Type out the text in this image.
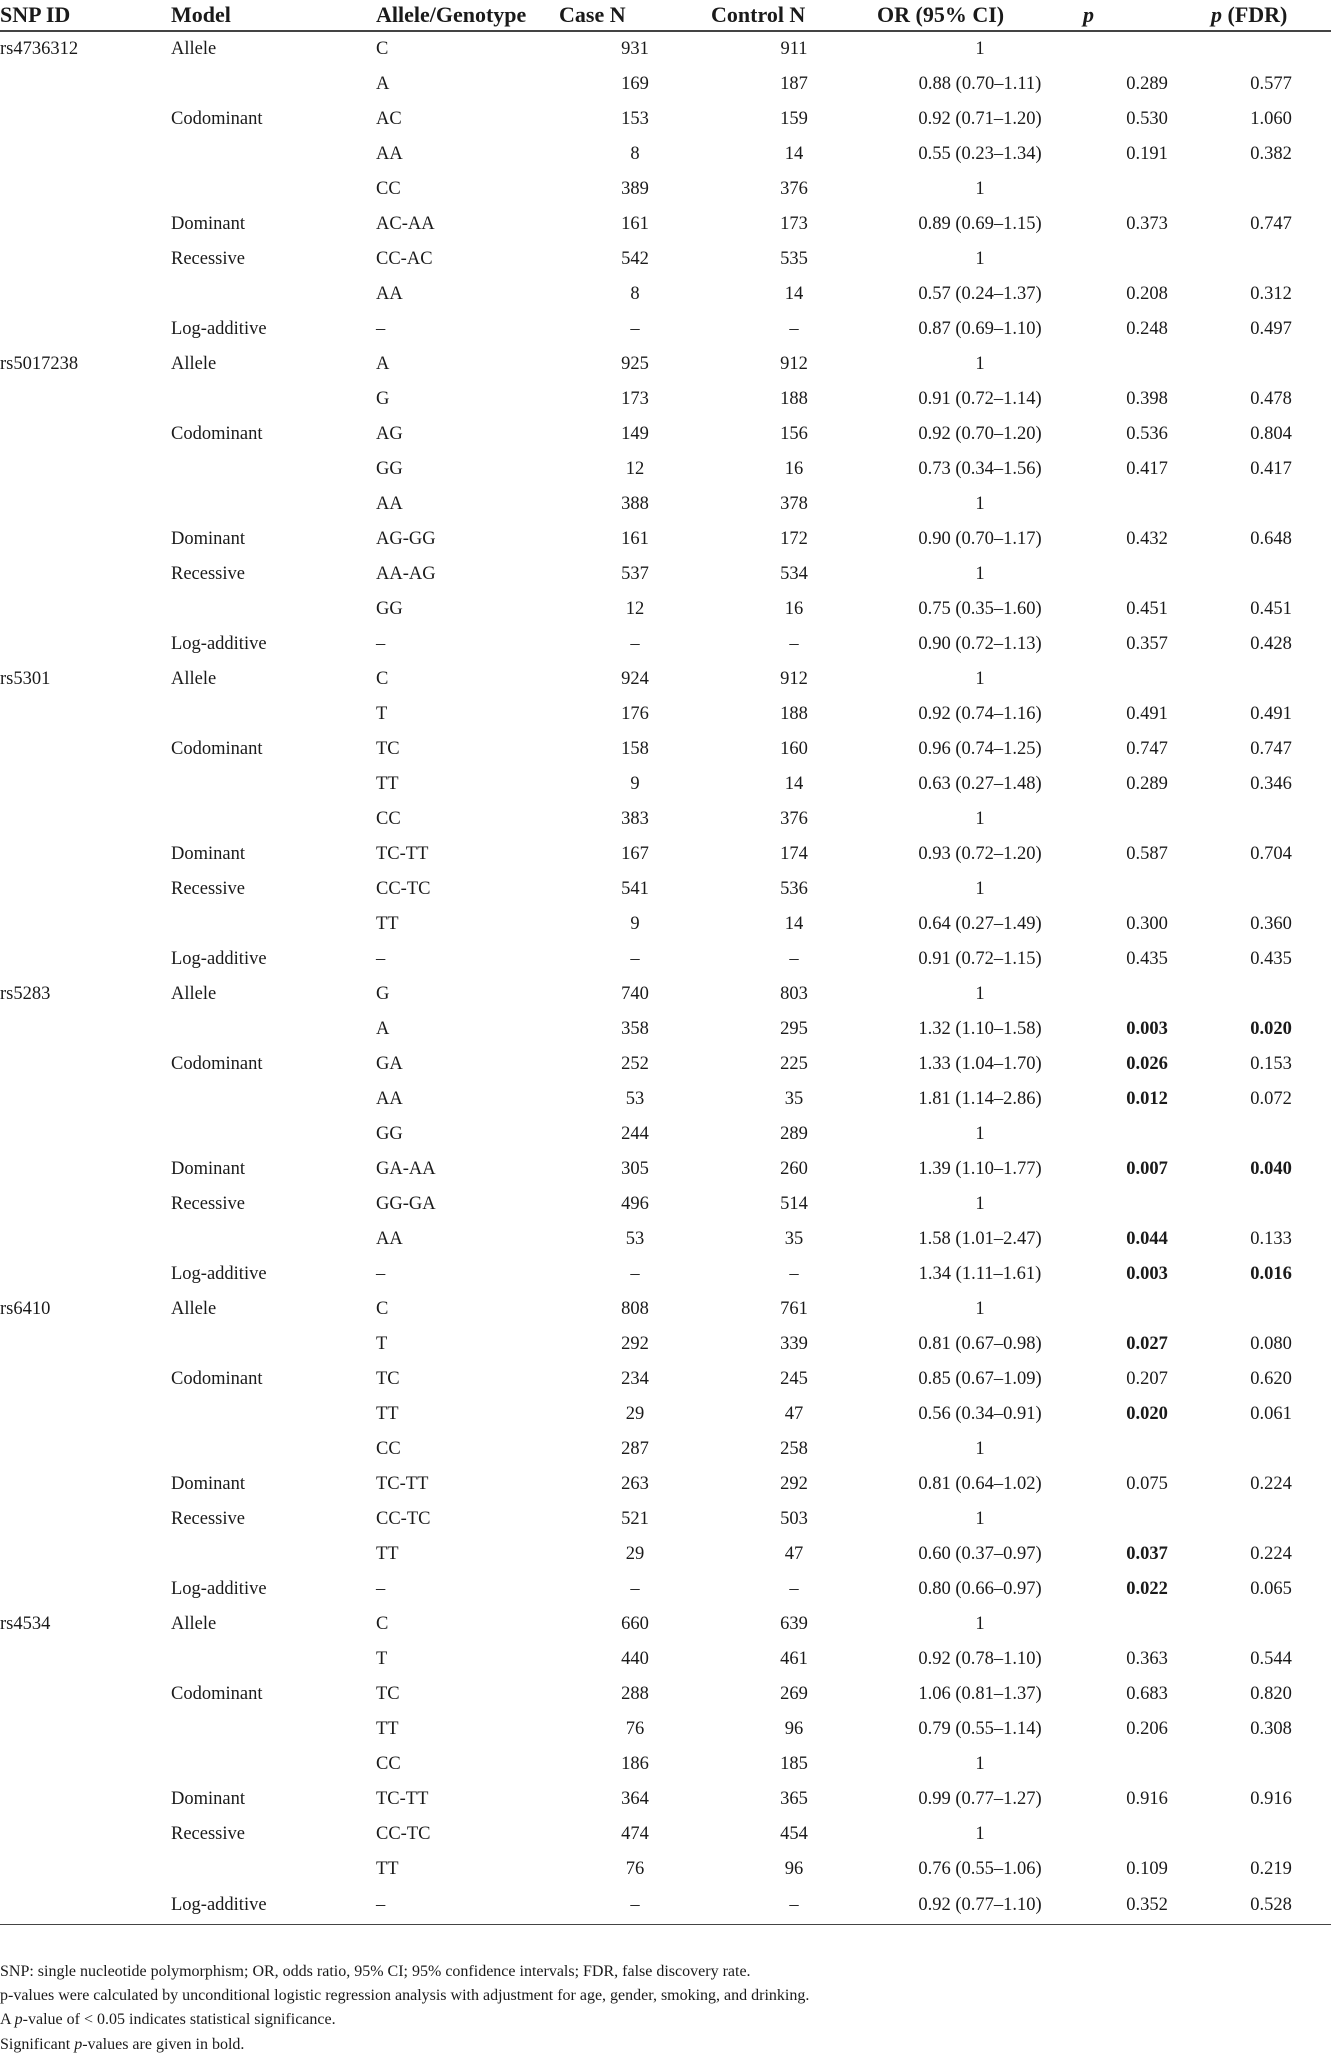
SNP ID	Model	Allele/Genotype	Case N	Control N	OR (95% CI)	p	p (FDR)
rs4736312	Allele	C	931	911	1		
		A	169	187	0.88 (0.70–1.11)	0.289	0.577
	Codominant	AC	153	159	0.92 (0.71–1.20)	0.530	1.060
		AA	8	14	0.55 (0.23–1.34)	0.191	0.382
		CC	389	376	1		
	Dominant	AC-AA	161	173	0.89 (0.69–1.15)	0.373	0.747
	Recessive	CC-AC	542	535	1		
		AA	8	14	0.57 (0.24–1.37)	0.208	0.312
	Log-additive	–	–	–	0.87 (0.69–1.10)	0.248	0.497
rs5017238	Allele	A	925	912	1		
		G	173	188	0.91 (0.72–1.14)	0.398	0.478
	Codominant	AG	149	156	0.92 (0.70–1.20)	0.536	0.804
		GG	12	16	0.73 (0.34–1.56)	0.417	0.417
		AA	388	378	1		
	Dominant	AG-GG	161	172	0.90 (0.70–1.17)	0.432	0.648
	Recessive	AA-AG	537	534	1		
		GG	12	16	0.75 (0.35–1.60)	0.451	0.451
	Log-additive	–	–	–	0.90 (0.72–1.13)	0.357	0.428
rs5301	Allele	C	924	912	1		
		T	176	188	0.92 (0.74–1.16)	0.491	0.491
	Codominant	TC	158	160	0.96 (0.74–1.25)	0.747	0.747
		TT	9	14	0.63 (0.27–1.48)	0.289	0.346
		CC	383	376	1		
	Dominant	TC-TT	167	174	0.93 (0.72–1.20)	0.587	0.704
	Recessive	CC-TC	541	536	1		
		TT	9	14	0.64 (0.27–1.49)	0.300	0.360
	Log-additive	–	–	–	0.91 (0.72–1.15)	0.435	0.435
rs5283	Allele	G	740	803	1		
		A	358	295	1.32 (1.10–1.58)	0.003	0.020
	Codominant	GA	252	225	1.33 (1.04–1.70)	0.026	0.153
		AA	53	35	1.81 (1.14–2.86)	0.012	0.072
		GG	244	289	1		
	Dominant	GA-AA	305	260	1.39 (1.10–1.77)	0.007	0.040
	Recessive	GG-GA	496	514	1		
		AA	53	35	1.58 (1.01–2.47)	0.044	0.133
	Log-additive	–	–	–	1.34 (1.11–1.61)	0.003	0.016
rs6410	Allele	C	808	761	1		
		T	292	339	0.81 (0.67–0.98)	0.027	0.080
	Codominant	TC	234	245	0.85 (0.67–1.09)	0.207	0.620
		TT	29	47	0.56 (0.34–0.91)	0.020	0.061
		CC	287	258	1		
	Dominant	TC-TT	263	292	0.81 (0.64–1.02)	0.075	0.224
	Recessive	CC-TC	521	503	1		
		TT	29	47	0.60 (0.37–0.97)	0.037	0.224
	Log-additive	–	–	–	0.80 (0.66–0.97)	0.022	0.065
rs4534	Allele	C	660	639	1		
		T	440	461	0.92 (0.78–1.10)	0.363	0.544
	Codominant	TC	288	269	1.06 (0.81–1.37)	0.683	0.820
		TT	76	96	0.79 (0.55–1.14)	0.206	0.308
		CC	186	185	1		
	Dominant	TC-TT	364	365	0.99 (0.77–1.27)	0.916	0.916
	Recessive	CC-TC	474	454	1		
		TT	76	96	0.76 (0.55–1.06)	0.109	0.219
	Log-additive	–	–	–	0.92 (0.77–1.10)	0.352	0.528
SNP: single nucleotide polymorphism; OR, odds ratio, 95% CI; 95% confidence intervals; FDR, false discovery rate.
p-values were calculated by unconditional logistic regression analysis with adjustment for age, gender, smoking, and drinking.
A p-value of < 0.05 indicates statistical significance.
Significant p-values are given in bold.
